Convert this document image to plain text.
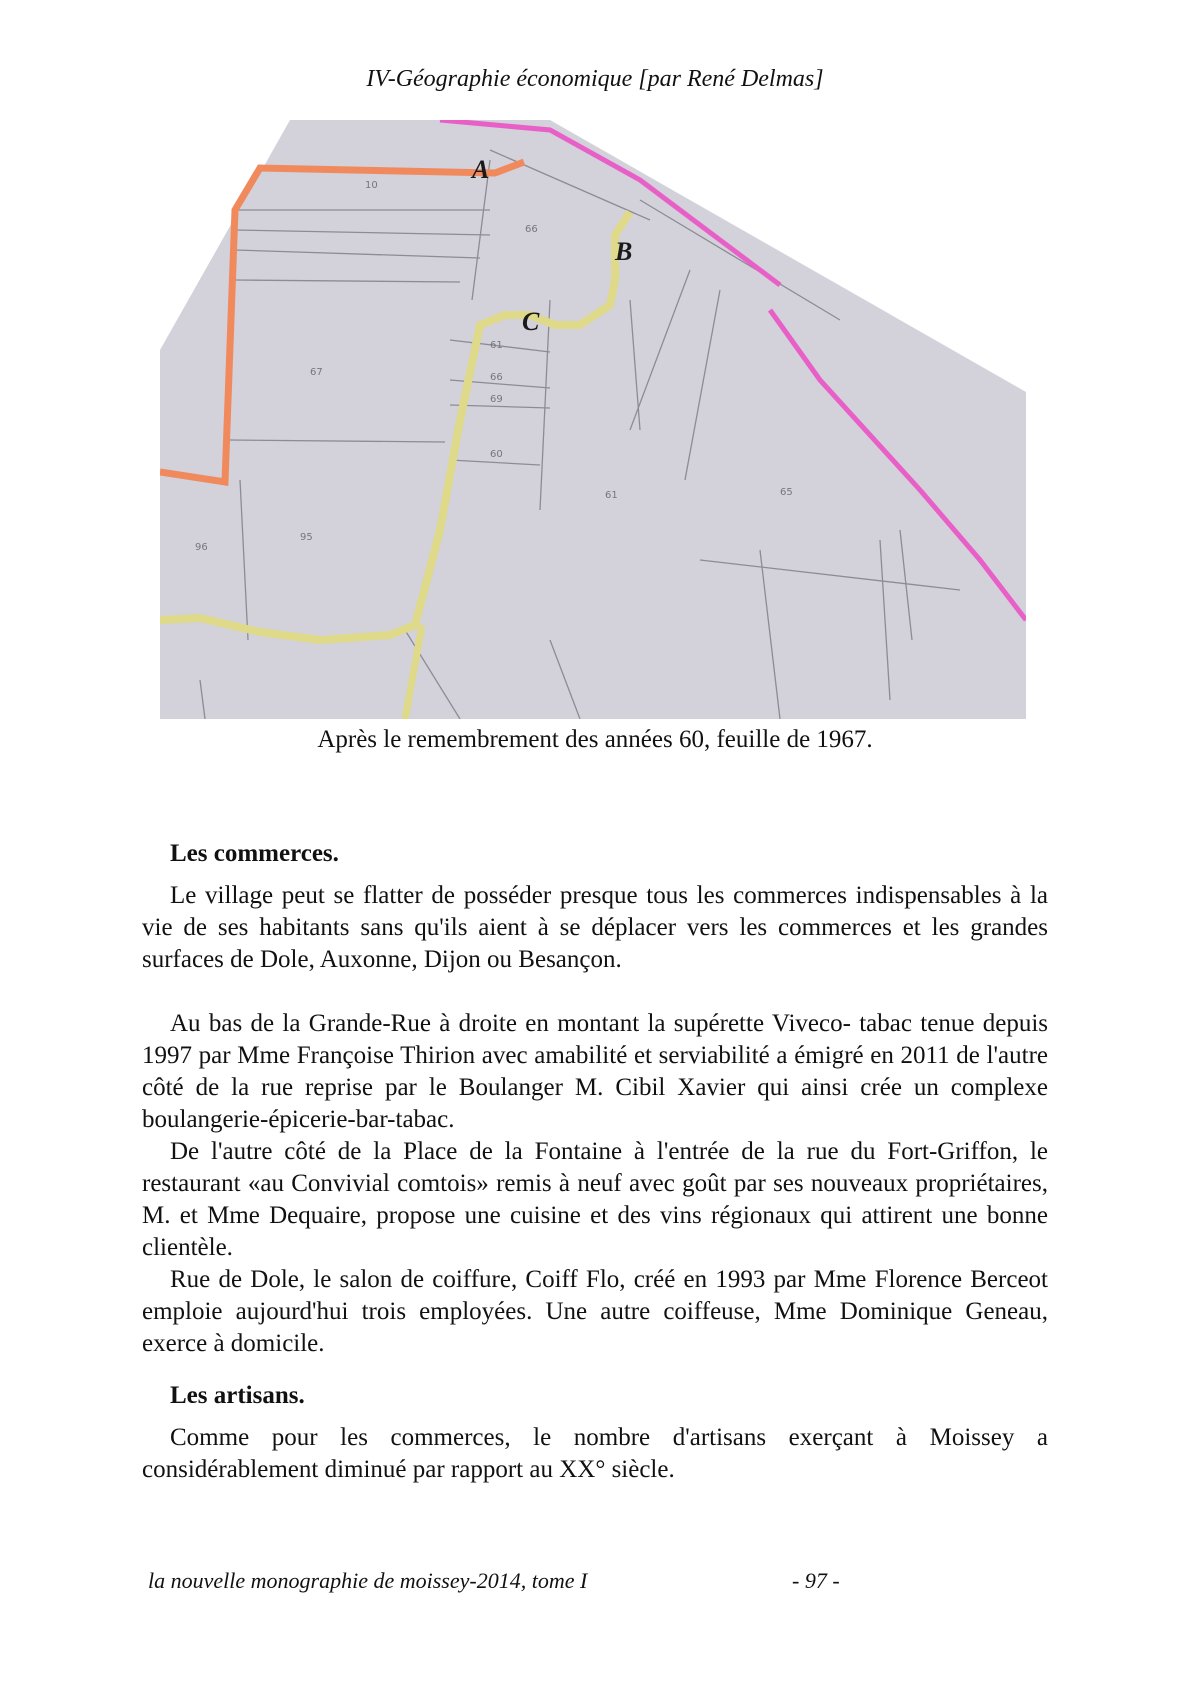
IV-Géographie économique [par René Delmas]
67
95
96
61
66
69
60
61
66
65
10
A
B
C
Après le remembrement des années 60, feuille de 1967.
Les commerces.

Le village peut se flatter de posséder presque tous les commerces indispensables à la vie de ses habitants sans qu'ils aient à se déplacer vers les commerces et les grandes surfaces de Dole, Auxonne, Dijon ou Besançon.

Au bas de la Grande-Rue à droite en montant la supérette Viveco- tabac tenue depuis 1997 par Mme Françoise Thirion avec amabilité et serviabilité a émigré en 2011 de l'autre côté de la rue reprise par le Boulanger M. Cibil Xavier qui ainsi crée un complexe boulangerie-épicerie-bar-tabac.

De l'autre côté de la Place de la Fontaine à l'entrée de la rue du Fort-Griffon, le restaurant «au Convivial comtois» remis à neuf avec goût par ses nouveaux propriétaires, M. et Mme Dequaire, propose une cuisine et des vins régionaux qui attirent une bonne clientèle.

Rue de Dole, le salon de coiffure, Coiff Flo, créé en 1993 par Mme Florence Berceot emploie aujourd'hui trois employées. Une autre coiffeuse, Mme Dominique Geneau, exerce à domicile.

Les artisans.

Comme pour les commerces, le nombre d'artisans exerçant à Moissey a considérablement diminué par rapport au XX° siècle.

la nouvelle monographie de moissey-2014, tome I	- 97 -
